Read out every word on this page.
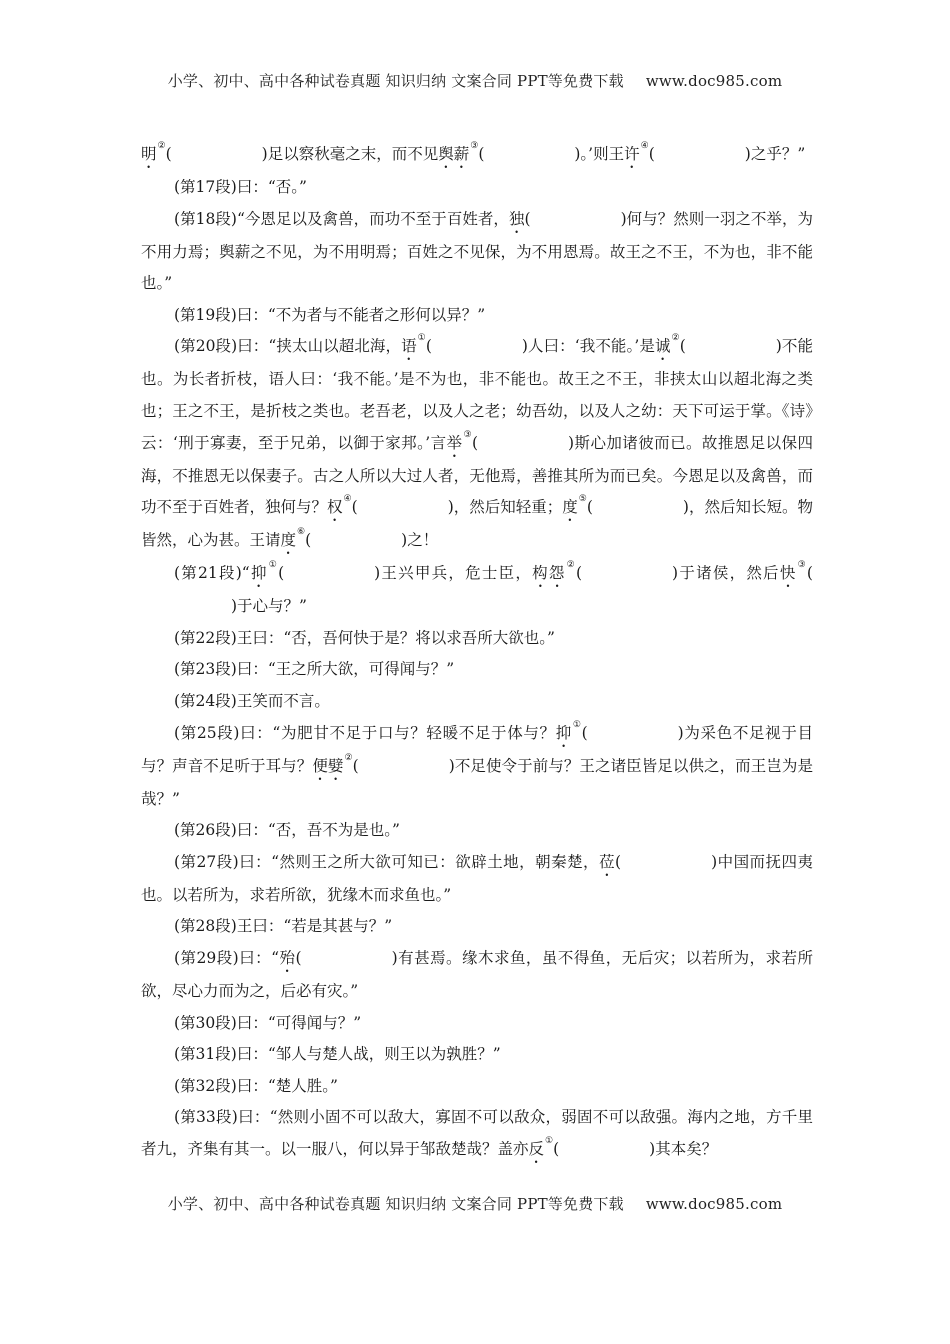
小学、初中、高中各种试卷真题 知识归纳 文案合同 PPT等免费下载 www.doc985.com

明②(	)足以察秋毫之末，而不见舆薪③(	)。’则王许④(	)之乎？”

(第17段)曰：“否。”

(第18段)“今恩足以及禽兽，而功不至于百姓者，独(	)何与？然则一羽之不举，为不用力焉；舆薪之不见，为不用明焉；百姓之不见保，为不用恩焉。故王之不王，不为也，非不能也。”

(第19段)曰：“不为者与不能者之形何以异？”

(第20段)曰：“挟太山以超北海，语①(	)人曰：‘我不能。’是诚②(	)不能也。为长者折枝，语人曰：‘我不能。’是不为也，非不能也。故王之不王，非挟太山以超北海之类也；王之不王，是折枝之类也。老吾老，以及人之老；幼吾幼，以及人之幼：天下可运于掌。《诗》云：‘刑于寡妻，至于兄弟，以御于家邦。’言举③(	)斯心加诸彼而已。故推恩足以保四海，不推恩无以保妻子。古之人所以大过人者，无他焉，善推其所为而已矣。今恩足以及禽兽，而功不至于百姓者，独何与？权④(	)，然后知轻重；度⑤(	)，然后知长短。物皆然，心为甚。王请度⑥(	)之！

(第21段)“抑①(	)王兴甲兵，危士臣，构怨②(	)于诸侯，然后快③()于心与？”

(第22段)王曰：“否，吾何快于是？将以求吾所大欲也。”

(第23段)曰：“王之所大欲，可得闻与？”

(第24段)王笑而不言。

(第25段)曰：“为肥甘不足于口与？轻暖不足于体与？抑①(	)为采色不足视于目与？声音不足听于耳与？便嬖②(	)不足使令于前与？王之诸臣皆足以供之，而王岂为是哉？”

(第26段)曰：“否，吾不为是也。”

(第27段)曰：“然则王之所大欲可知已：欲辟土地，朝秦楚，莅(	)中国而抚四夷也。以若所为，求若所欲，犹缘木而求鱼也。”

(第28段)王曰：“若是其甚与？”

(第29段)曰：“殆(	)有甚焉。缘木求鱼，虽不得鱼，无后灾；以若所为，求若所欲，尽心力而为之，后必有灾。”

(第30段)曰：“可得闻与？”

(第31段)曰：“邹人与楚人战，则王以为孰胜？”

(第32段)曰：“楚人胜。”

(第33段)曰：“然则小固不可以敌大，寡固不可以敌众，弱固不可以敌强。海内之地，方千里者九，齐集有其一。以一服八，何以异于邹敌楚哉？盖亦反①(	)其本矣？

小学、初中、高中各种试卷真题 知识归纳 文案合同 PPT等免费下载 www.doc985.com
